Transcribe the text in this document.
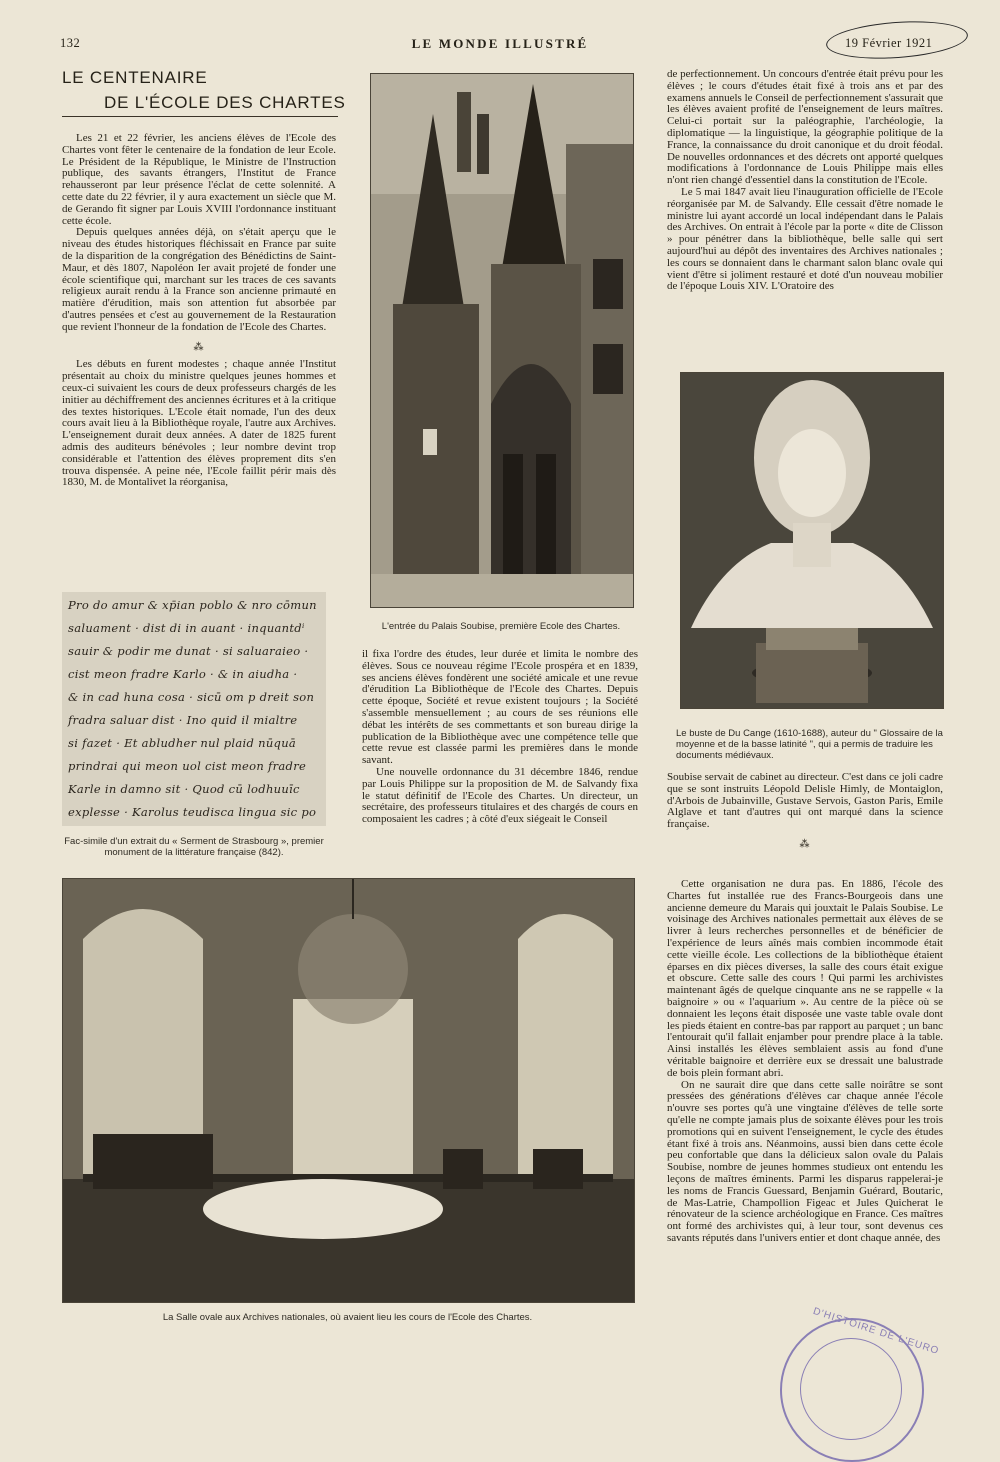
132	LE MONDE ILLUSTRÉ	19 Février 1921
LE CENTENAIRE
DE L'ÉCOLE DES CHARTES

Les 21 et 22 février, les anciens élèves de l'Ecole des Chartes vont fêter le centenaire de la fondation de leur Ecole. Le Président de la République, le Ministre de l'Instruction publique, des savants étrangers, l'Institut de France rehausseront par leur présence l'éclat de cette solennité. A cette date du 22 février, il y aura exactement un siècle que M. de Gerando fit signer par Louis XVIII l'ordonnance instituant cette école.

Depuis quelques années déjà, on s'était aperçu que le niveau des études historiques fléchissait en France par suite de la disparition de la congrégation des Bénédictins de Saint-Maur, et dès 1807, Napoléon Ier avait projeté de fonder une école scientifique qui, marchant sur les traces de ces savants religieux aurait rendu à la France son ancienne primauté en matière d'érudition, mais son attention fut absorbée par d'autres pensées et c'est au gouvernement de la Restauration que revient l'honneur de la fondation de l'Ecole des Chartes.

⁂

Les débuts en furent modestes ; chaque année l'Institut présentait au choix du ministre quelques jeunes hommes et ceux-ci suivaient les cours de deux professeurs chargés de les initier au déchiffrement des anciennes écritures et à la critique des textes historiques. L'Ecole était nomade, l'un des deux cours avait lieu à la Bibliothèque royale, l'autre aux Archives. L'enseignement durait deux années. A dater de 1825 furent admis des auditeurs bénévoles ; leur nombre devint trop considérable et l'attention des élèves proprement dits s'en trouva dispensée. A peine née, l'Ecole faillit périr mais dès 1830, M. de Montalivet la réorganisa,

Pro do amur & xp̄ian poblo & nro cōmun
saluament · dist di in auant · inquantdⁱ
sauir & podir me dunat · si saluaraieo ·
cist meon fradre Karlo · & in aiudha ·
& in cad huna cosa · sicū om p dreit son
fradra saluar dist · Ino quid il mialtre
si fazet · Et abludher nul plaid nūquā
prindrai qui meon uol cist meon fradre
Karle in damno sit · Quod cū lodhuuīc
explesse · Karolus teudisca lingua sic po
Fac-simile d'un extrait du « Serment de Strasbourg », premier monument de la littérature française (842).
L'entrée du Palais Soubise, première Ecole des Chartes.

il fixa l'ordre des études, leur durée et limita le nombre des élèves. Sous ce nouveau régime l'Ecole prospéra et en 1839, ses anciens élèves fondèrent une société amicale et une revue d'érudition La Bibliothèque de l'Ecole des Chartes. Depuis cette époque, Société et revue existent toujours ; la Société s'assemble mensuellement ; au cours de ses réunions elle débat les intérêts de ses commettants et son bureau dirige la publication de la Bibliothèque avec une compétence telle que cette revue est classée parmi les premières dans le monde savant.

Une nouvelle ordonnance du 31 décembre 1846, rendue par Louis Philippe sur la proposition de M. de Salvandy fixa le statut définitif de l'Ecole des Chartes. Un directeur, un secrétaire, des professeurs titulaires et des chargés de cours en composaient les cadres ; à côté d'eux siégeait le Conseil

de perfectionnement. Un concours d'entrée était prévu pour les élèves ; le cours d'études était fixé à trois ans et par des examens annuels le Conseil de perfectionnement s'assurait que les élèves avaient profité de l'enseignement de leurs maîtres. Celui-ci portait sur la paléographie, l'archéologie, la diplomatique — la linguistique, la géographie politique de la France, la connaissance du droit canonique et du droit féodal. De nouvelles ordonnances et des décrets ont apporté quelques modifications à l'ordonnance de Louis Philippe mais elles n'ont rien changé d'essentiel dans la constitution de l'Ecole.

Le 5 mai 1847 avait lieu l'inauguration officielle de l'Ecole réorganisée par M. de Salvandy. Elle cessait d'être nomade le ministre lui ayant accordé un local indépendant dans le Palais des Archives. On entrait à l'école par la porte « dite de Clisson » pour pénétrer dans la bibliothèque, belle salle qui sert aujourd'hui au dépôt des inventaires des Archives nationales ; les cours se donnaient dans le charmant salon blanc ovale qui vient d'être si joliment restauré et doté d'un nouveau mobilier de l'époque Louis XIV. L'Oratoire des

Le buste de Du Cange (1610-1688), auteur du " Glossaire de la moyenne et de la basse latinité ", qui a permis de traduire les documents médiévaux.

Soubise servait de cabinet au directeur. C'est dans ce joli cadre que se sont instruits Léopold Delisle Himly, de Montaiglon, d'Arbois de Jubainville, Gustave Servois, Gaston Paris, Emile Alglave et tant d'autres qui ont marqué dans la science française.

⁂

Cette organisation ne dura pas. En 1886, l'école des Chartes fut installée rue des Francs-Bourgeois dans une ancienne demeure du Marais qui jouxtait le Palais Soubise. Le voisinage des Archives nationales permettait aux élèves de se livrer à leurs recherches personnelles et de bénéficier de l'expérience de leurs aînés mais combien incommode était cette vieille école. Les collections de la bibliothèque étaient éparses en dix pièces diverses, la salle des cours était exigue et obscure. Cette salle des cours ! Qui parmi les archivistes maintenant âgés de quelque cinquante ans ne se rappelle « la baignoire » ou « l'aquarium ». Au centre de la pièce où se donnaient les leçons était disposée une vaste table ovale dont les pieds étaient en contre-bas par rapport au parquet ; un banc l'entourait qu'il fallait enjamber pour prendre place à la table. Ainsi installés les élèves semblaient assis au fond d'une véritable baignoire et derrière eux se dressait une balustrade de bois plein formant abri.

On ne saurait dire que dans cette salle noirâtre se sont pressées des générations d'élèves car chaque année l'école n'ouvre ses portes qu'à une vingtaine d'élèves de telle sorte qu'elle ne compte jamais plus de soixante élèves pour les trois promotions qui en suivent l'enseignement, le cycle des études étant fixé à trois ans. Néanmoins, aussi bien dans cette école peu confortable que dans la délicieux salon ovale du Palais Soubise, nombre de jeunes hommes studieux ont entendu les leçons de maîtres éminents. Parmi les disparus rappelerai-je les noms de Francis Guessard, Benjamin Guérard, Boutaric, de Mas-Latrie, Champollion Figeac et Jules Quicherat le rénovateur de la science archéologique en France. Ces maîtres ont formé des archivistes qui, à leur tour, sont devenus ces savants réputés dans l'univers entier et dont chaque année, des

La Salle ovale aux Archives nationales, où avaient lieu les cours de l'Ecole des Chartes.	D'HISTOIRE DE L'EURO
